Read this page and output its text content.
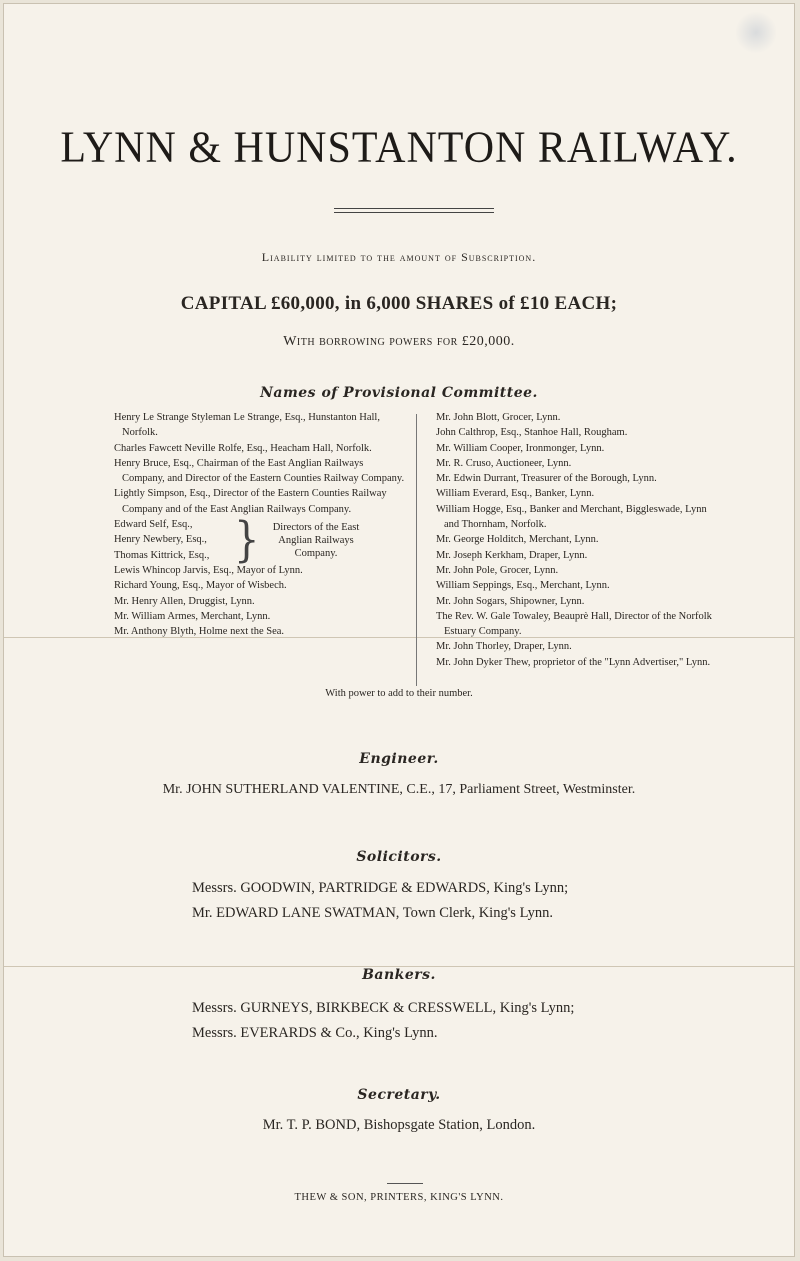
LYNN & HUNSTANTON RAILWAY.
Liability limited to the amount of Subscription.
CAPITAL £60,000, in 6,000 SHARES of £10 EACH;
With borrowing powers for £20,000.
Names of Provisional Committee.
Henry Le Strange Styleman Le Strange, Esq., Hunstanton Hall, Norfolk.
Charles Fawcett Neville Rolfe, Esq., Heacham Hall, Norfolk.
Henry Bruce, Esq., Chairman of the East Anglian Railways Company, and Director of the Eastern Counties Railway Company.
Lightly Simpson, Esq., Director of the Eastern Counties Railway Company and of the East Anglian Railways Company.
Edward Self, Esq.,
Henry Newbery, Esq.,
Thomas Kittrick, Esq., }	Directors of the East Anglian Railways Company.
Lewis Whincop Jarvis, Esq., Mayor of Lynn.
Richard Young, Esq., Mayor of Wisbech.
Mr. Henry Allen, Druggist, Lynn.
Mr. William Armes, Merchant, Lynn.
Mr. Anthony Blyth, Holme next the Sea.
Mr. John Blott, Grocer, Lynn.
John Calthrop, Esq., Stanhoe Hall, Rougham.
Mr. William Cooper, Ironmonger, Lynn.
Mr. R. Cruso, Auctioneer, Lynn.
Mr. Edwin Durrant, Treasurer of the Borough, Lynn.
William Everard, Esq., Banker, Lynn.
William Hogge, Esq., Banker and Merchant, Biggleswade, Lynn and Thornham, Norfolk.
Mr. George Holditch, Merchant, Lynn.
Mr. Joseph Kerkham, Draper, Lynn.
Mr. John Pole, Grocer, Lynn.
William Seppings, Esq., Merchant, Lynn.
Mr. John Sogars, Shipowner, Lynn.
The Rev. W. Gale Towaley, Beauprè Hall, Director of the Norfolk Estuary Company.
Mr. John Thorley, Draper, Lynn.
Mr. John Dyker Thew, proprietor of the "Lynn Advertiser," Lynn.
With power to add to their number.
Engineer.
Mr. JOHN SUTHERLAND VALENTINE, C.E., 17, Parliament Street, Westminster.
Solicitors.
Messrs. GOODWIN, PARTRIDGE & EDWARDS, King's Lynn;
Mr. EDWARD LANE SWATMAN, Town Clerk, King's Lynn.
Bankers.
Messrs. GURNEYS, BIRKBECK & CRESSWELL, King's Lynn;
Messrs. EVERARDS & Co., King's Lynn.
Secretary.
Mr. T. P. BOND, Bishopsgate Station, London.
THEW & SON, PRINTERS, KING'S LYNN.
